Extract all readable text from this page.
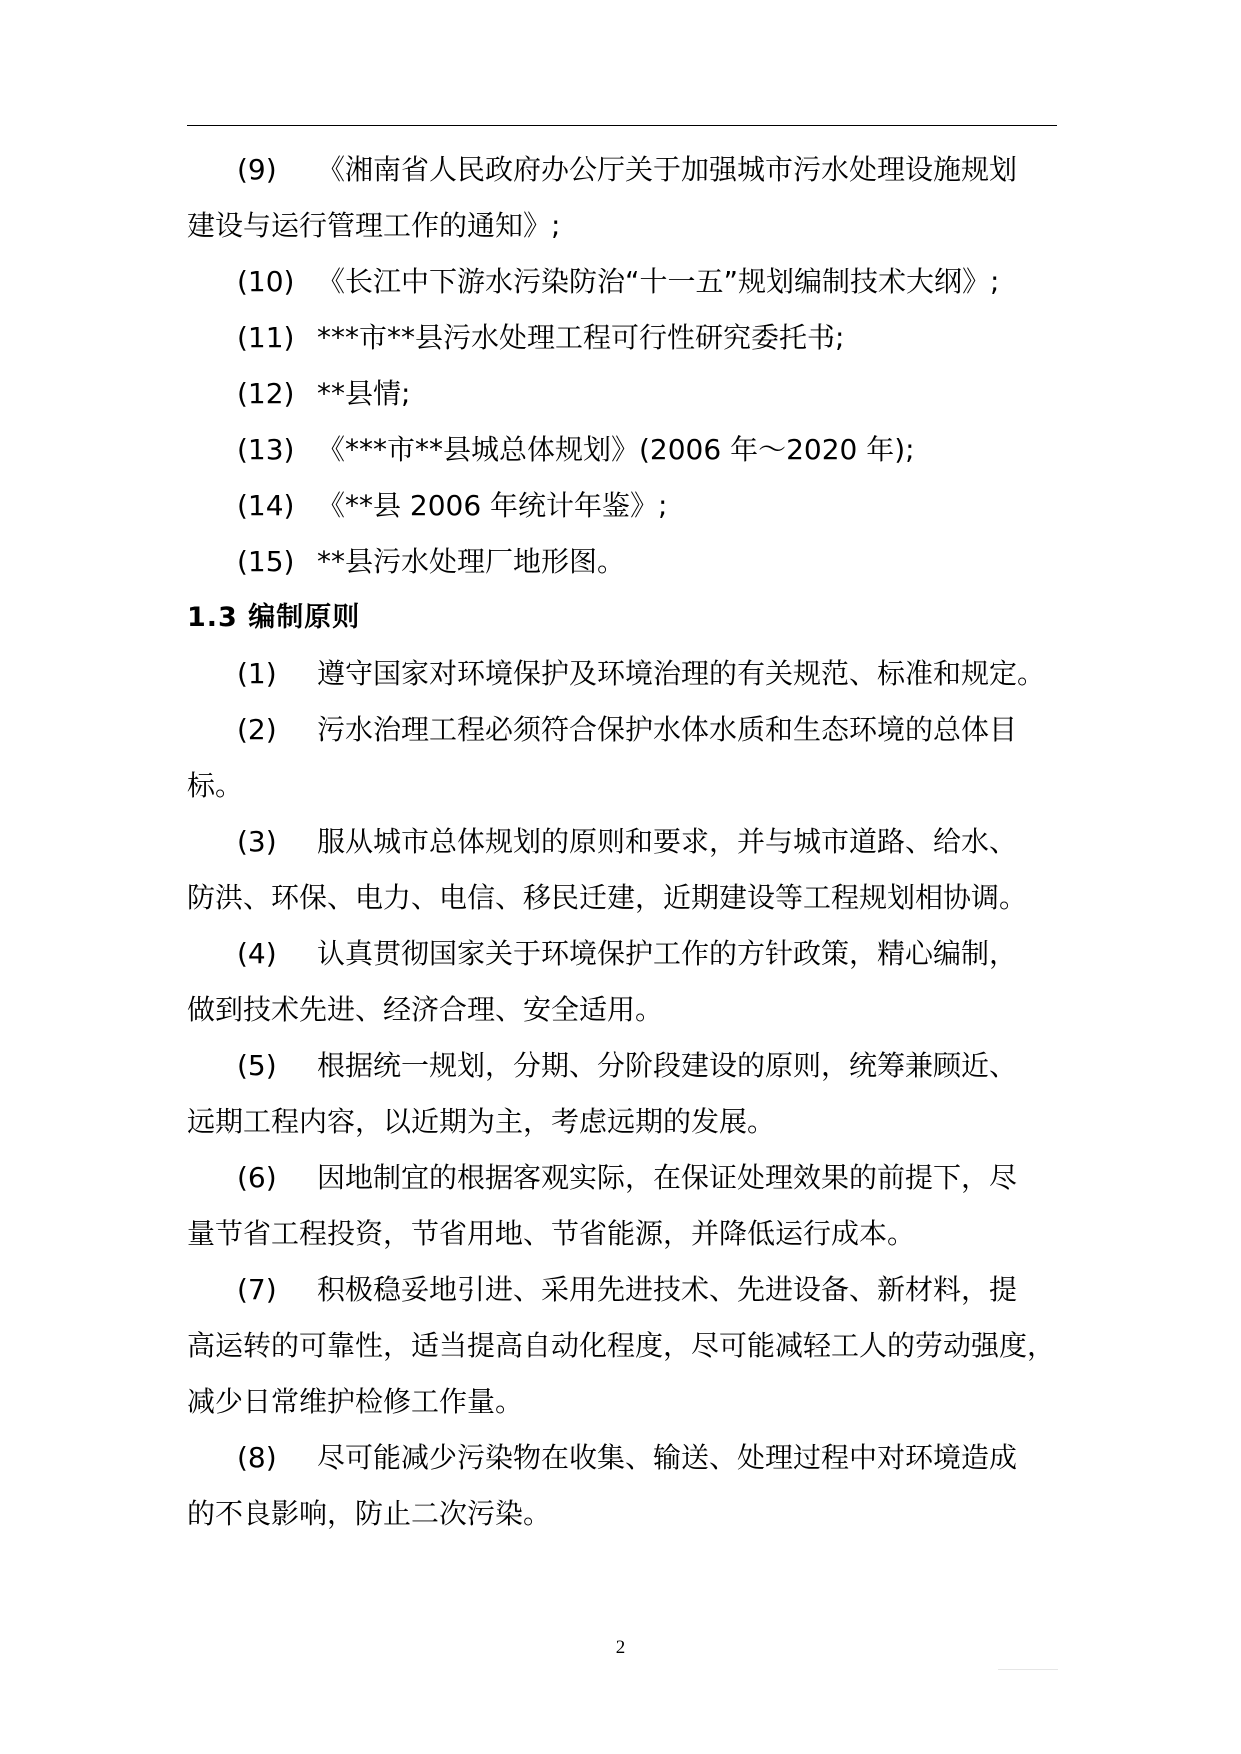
(9) 《湘南省人民政府办公厅关于加强城市污水处理设施规划
建设与运行管理工作的通知》;
(10) 《长江中下游水污染防治“十一五”规划编制技术大纲》;
(11) ***市**县污水处理工程可行性研究委托书;
(12) **县情;
(13) 《***市**县城总体规划》(2006 年～2020 年);
(14) 《**县 2006 年统计年鉴》;
(15) **县污水处理厂地形图。
1.3 编制原则
(1) 遵守国家对环境保护及环境治理的有关规范、标准和规定。
(2) 污水治理工程必须符合保护水体水质和生态环境的总体目
标。
(3) 服从城市总体规划的原则和要求，并与城市道路、给水、
防洪、环保、电力、电信、移民迁建，近期建设等工程规划相协调。
(4) 认真贯彻国家关于环境保护工作的方针政策，精心编制，
做到技术先进、经济合理、安全适用。
(5) 根据统一规划，分期、分阶段建设的原则，统筹兼顾近、
远期工程内容，以近期为主，考虑远期的发展。
(6) 因地制宜的根据客观实际，在保证处理效果的前提下，尽
量节省工程投资，节省用地、节省能源，并降低运行成本。
(7) 积极稳妥地引进、采用先进技术、先进设备、新材料，提
高运转的可靠性，适当提高自动化程度，尽可能减轻工人的劳动强度，
减少日常维护检修工作量。
(8) 尽可能减少污染物在收集、输送、处理过程中对环境造成
的不良影响，防止二次污染。
2
